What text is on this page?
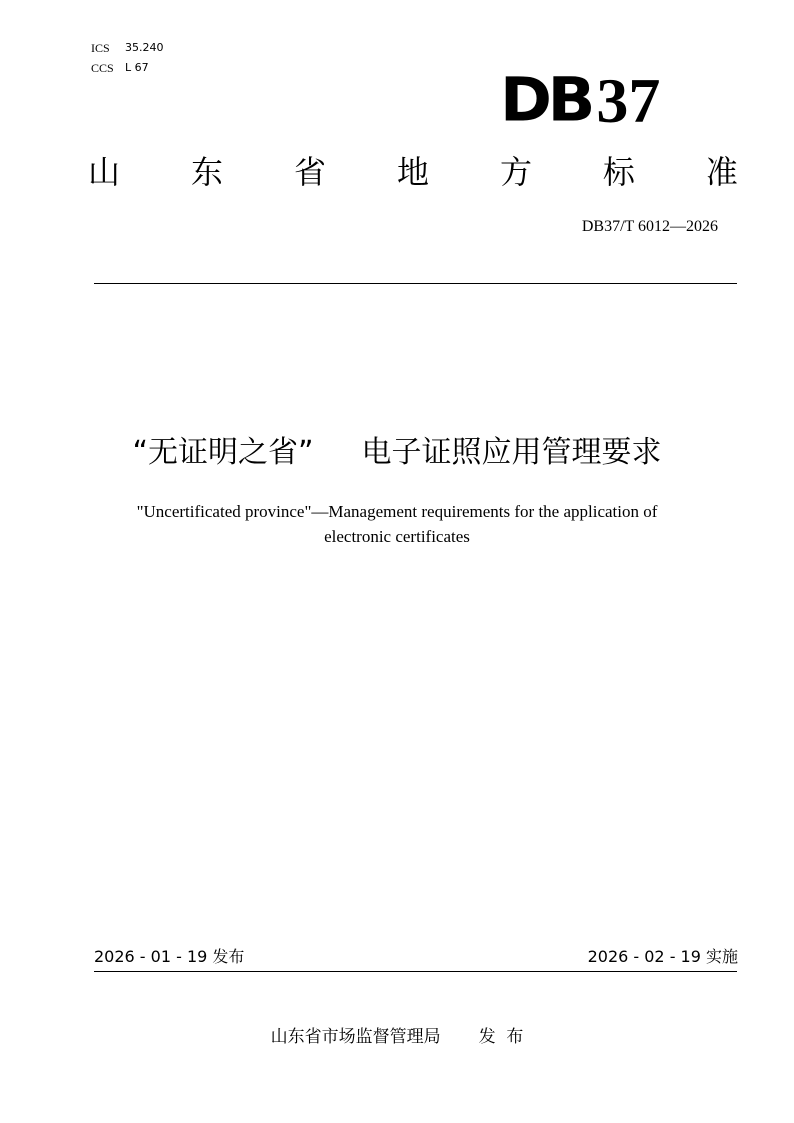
ICS	35.240
CCS	L 67	DB 37
山 东 省 地 方 标 准
DB37/T 6012—2026
“无证明之省” 电子证照应用管理要求
"Uncertificated province"—Management requirements for the application of
electronic certificates
2026 - 01 - 19 发布	2026 - 02 - 19 实施
山东省市场监督管理局 发  布
